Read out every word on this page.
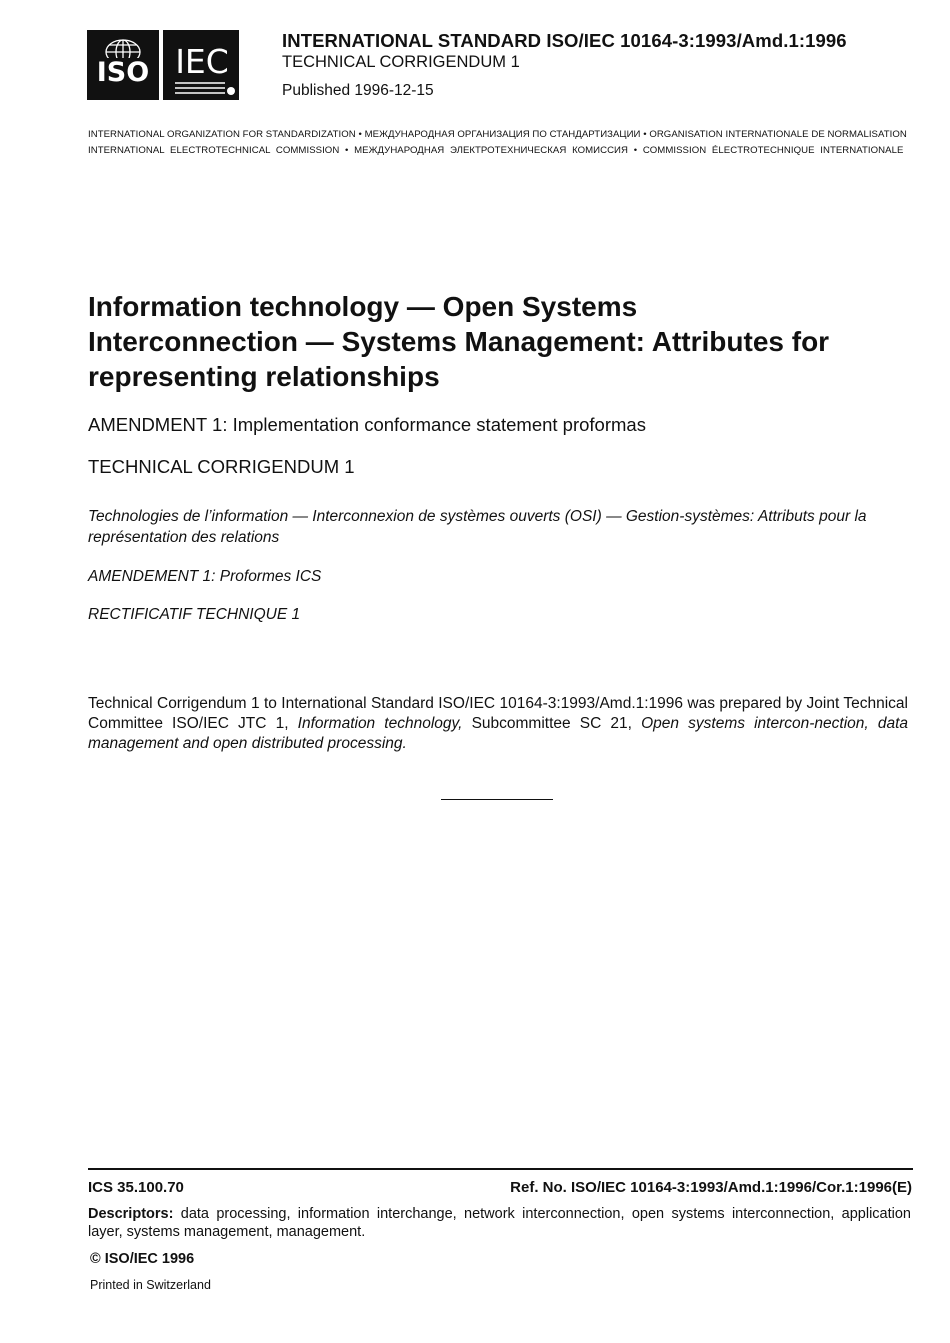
ISO IEC
INTERNATIONAL STANDARD ISO/IEC 10164-3:1993/Amd.1:1996
TECHNICAL CORRIGENDUM 1
Published 1996-12-15
INTERNATIONAL ORGANIZATION FOR STANDARDIZATION • МЕЖДУНАРОДНАЯ ОРГАНИЗАЦИЯ ПО СТАНДАРТИЗАЦИИ • ORGANISATION INTERNATIONALE DE NORMALISATION
INTERNATIONAL ELECTROTECHNICAL COMMISSION • МЕЖДУНАРОДНАЯ ЭЛЕКТРОТЕХНИЧЕСКАЯ КОМИССИЯ • COMMISSION ÉLECTROTECHNIQUE INTERNATIONALE
Information technology — Open Systems
Interconnection — Systems Management: Attributes for
representing relationships
AMENDMENT 1: Implementation conformance statement proformas
TECHNICAL CORRIGENDUM 1
Technologies de l’information — Interconnexion de systèmes ouverts (OSI) — Gestion-systèmes: Attributs pour la représentation des relations
AMENDEMENT 1: Proformes ICS
RECTIFICATIF TECHNIQUE 1
Technical Corrigendum 1 to International Standard ISO/IEC 10164-3:1993/Amd.1:1996 was prepared by Joint Technical Committee ISO/IEC JTC 1, Information technology, Subcommittee SC 21, Open systems intercon-nection, data management and open distributed processing.
ICS 35.100.70	Ref. No. ISO/IEC 10164-3:1993/Amd.1:1996/Cor.1:1996(E)
Descriptors: data processing, information interchange, network interconnection, open systems interconnection, application layer, systems management, management.
© ISO/IEC 1996
Printed in Switzerland
